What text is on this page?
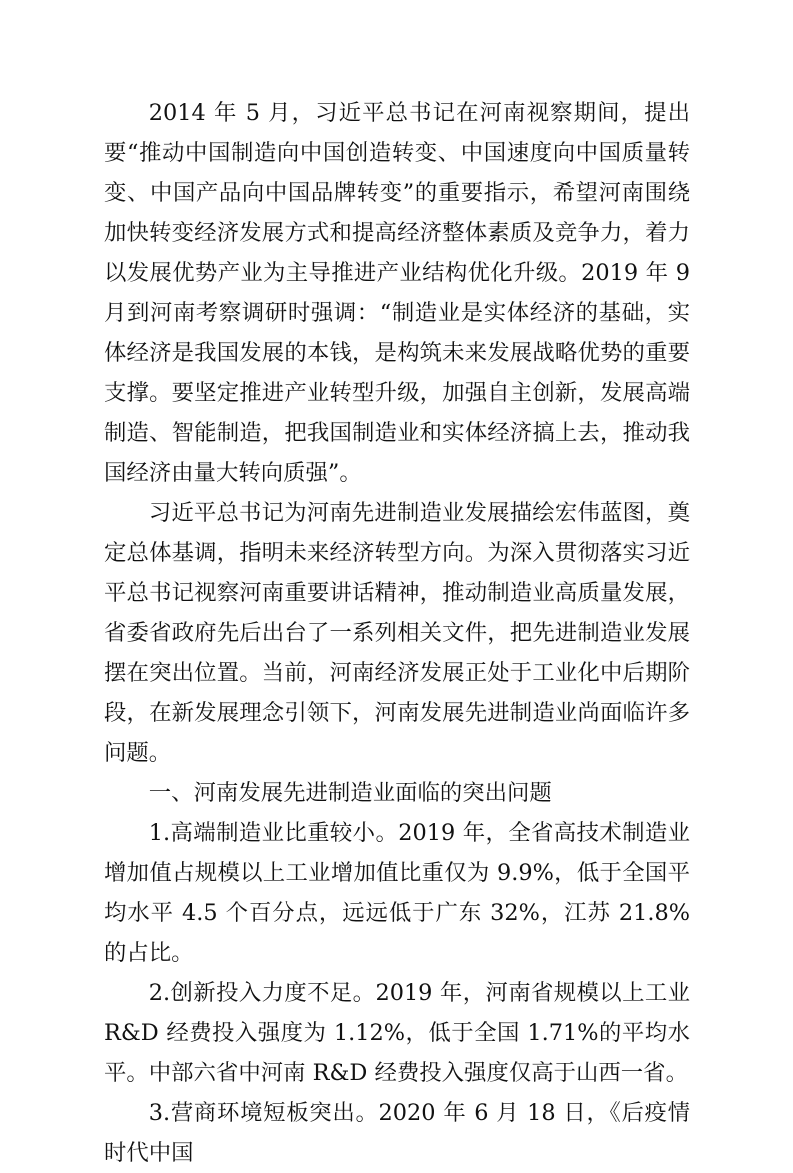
2014 年 5 月，习近平总书记在河南视察期间，提出要“推动中国制造向中国创造转变、中国速度向中国质量转变、中国产品向中国品牌转变”的重要指示，希望河南围绕加快转变经济发展方式和提高经济整体素质及竞争力，着力以发展优势产业为主导推进产业结构优化升级。2019 年 9 月到河南考察调研时强调：“制造业是实体经济的基础，实体经济是我国发展的本钱，是构筑未来发展战略优势的重要支撑。要坚定推进产业转型升级，加强自主创新，发展高端制造、智能制造，把我国制造业和实体经济搞上去，推动我国经济由量大转向质强”。

习近平总书记为河南先进制造业发展描绘宏伟蓝图，奠定总体基调，指明未来经济转型方向。为深入贯彻落实习近平总书记视察河南重要讲话精神，推动制造业高质量发展，省委省政府先后出台了一系列相关文件，把先进制造业发展摆在突出位置。当前，河南经济发展正处于工业化中后期阶段，在新发展理念引领下，河南发展先进制造业尚面临许多问题。

一、河南发展先进制造业面临的突出问题

1.高端制造业比重较小。2019 年，全省高技术制造业增加值占规模以上工业增加值比重仅为 9.9%，低于全国平均水平 4.5 个百分点，远远低于广东 32%，江苏 21.8%的占比。

2.创新投入力度不足。2019 年，河南省规模以上工业 R&D 经费投入强度为 1.12%，低于全国 1.71%的平均水平。中部六省中河南 R&D 经费投入强度仅高于山西一省。

3.营商环境短板突出。2020 年 6 月 18 日，《后疫情时代中国
